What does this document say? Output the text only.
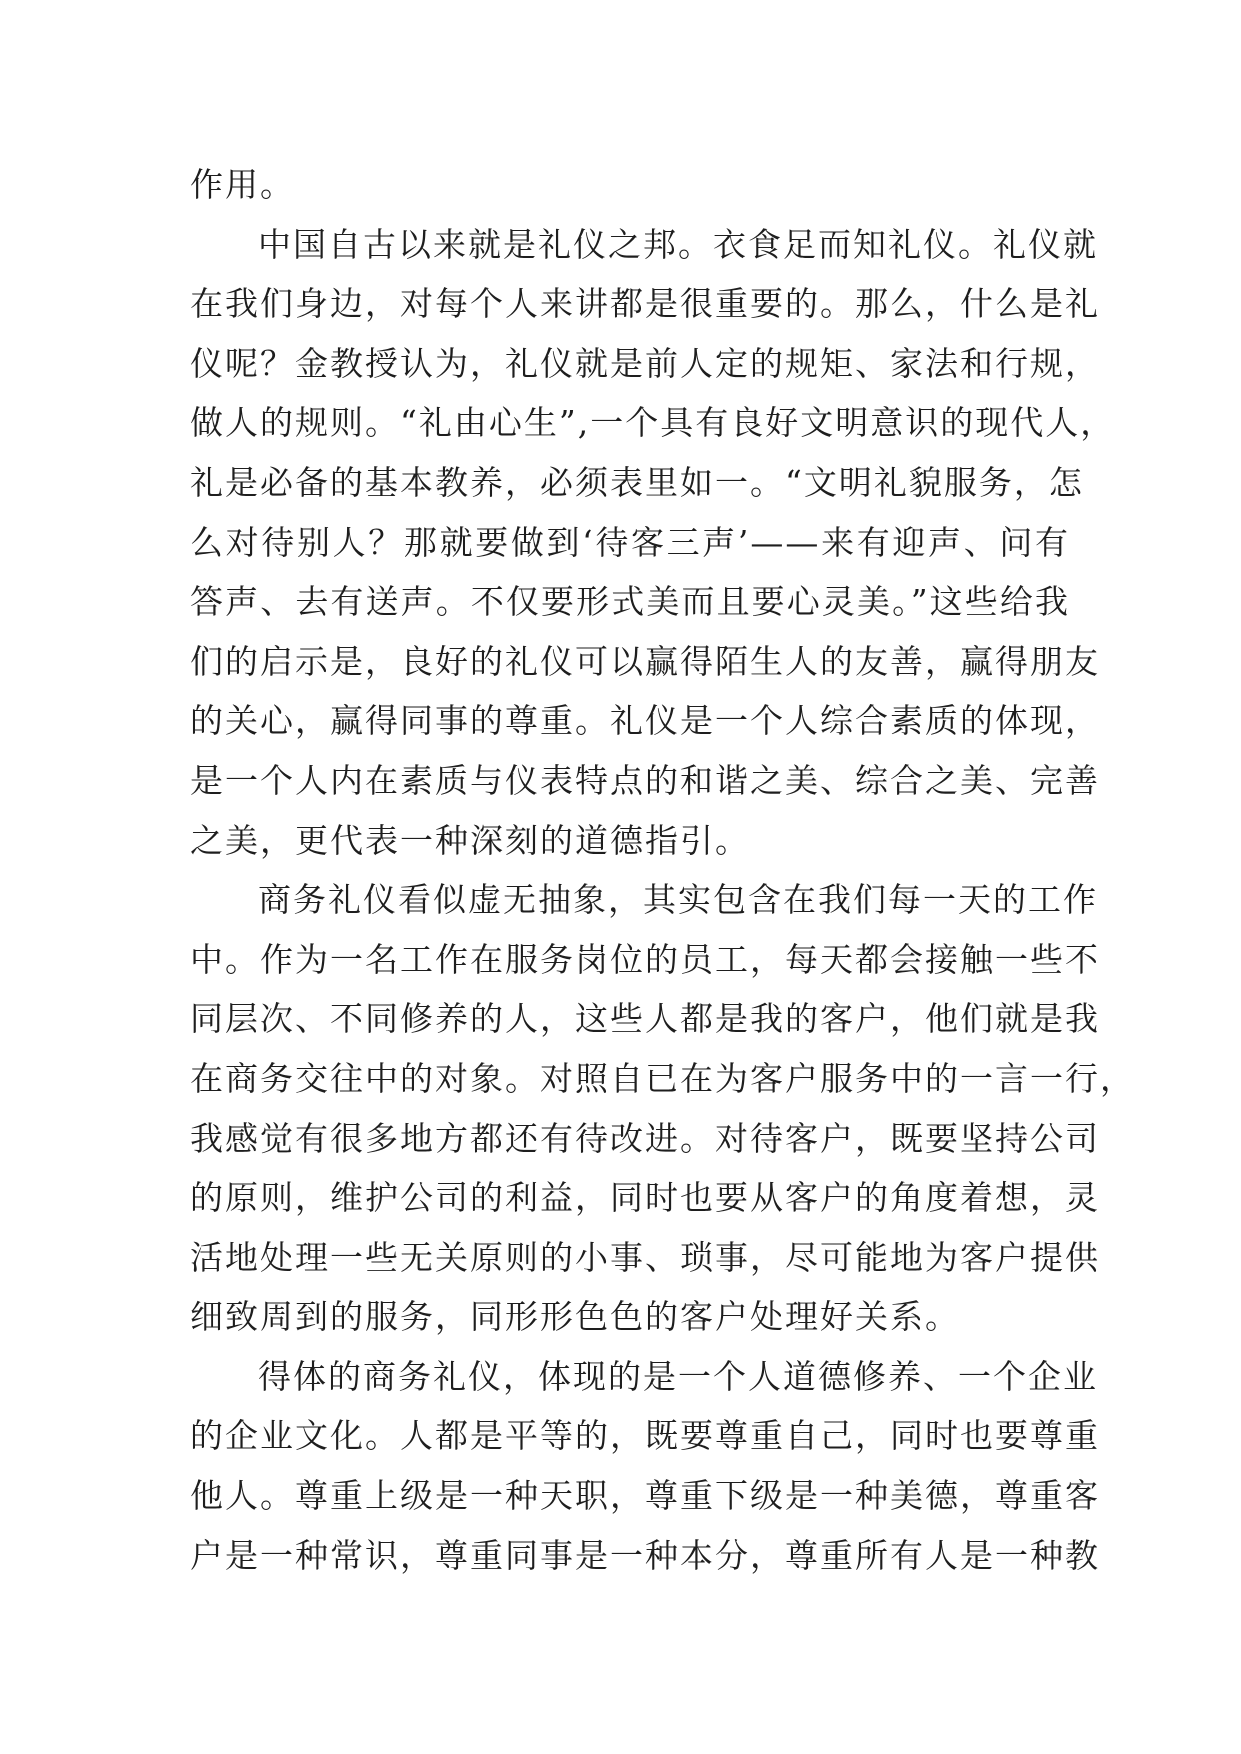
作用。
中国自古以来就是礼仪之邦。衣食足而知礼仪。礼仪就
在我们身边，对每个人来讲都是很重要的。那么，什么是礼
仪呢？金教授认为，礼仪就是前人定的规矩、家法和行规，
做人的规则。“礼由心生”,一个具有良好文明意识的现代人，
礼是必备的基本教养，必须表里如一。“文明礼貌服务，怎
么对待别人？那就要做到‘待客三声’——来有迎声、问有
答声、去有送声。不仅要形式美而且要心灵美。”这些给我
们的启示是，良好的礼仪可以赢得陌生人的友善，赢得朋友
的关心，赢得同事的尊重。礼仪是一个人综合素质的体现，
是一个人内在素质与仪表特点的和谐之美、综合之美、完善
之美，更代表一种深刻的道德指引。
商务礼仪看似虚无抽象，其实包含在我们每一天的工作
中。作为一名工作在服务岗位的员工，每天都会接触一些不
同层次、不同修养的人，这些人都是我的客户，他们就是我
在商务交往中的对象。对照自已在为客户服务中的一言一行，
我感觉有很多地方都还有待改进。对待客户，既要坚持公司
的原则，维护公司的利益，同时也要从客户的角度着想，灵
活地处理一些无关原则的小事、琐事，尽可能地为客户提供
细致周到的服务，同形形色色的客户处理好关系。
得体的商务礼仪，体现的是一个人道德修养、一个企业
的企业文化。人都是平等的，既要尊重自己，同时也要尊重
他人。尊重上级是一种天职，尊重下级是一种美德，尊重客
户是一种常识，尊重同事是一种本分，尊重所有人是一种教
